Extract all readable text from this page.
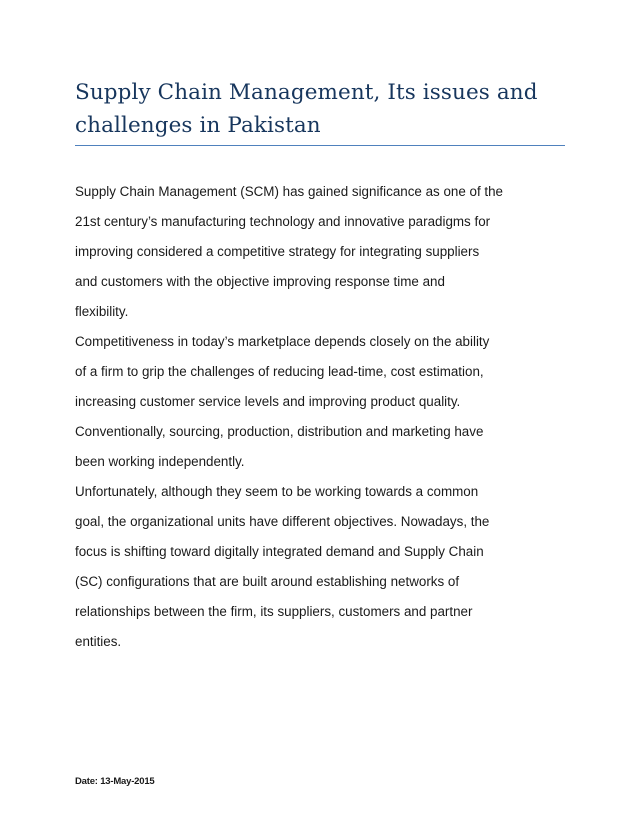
Supply Chain Management, Its issues and
challenges in Pakistan

Supply Chain Management (SCM) has gained significance as one of the
21st century’s manufacturing technology and innovative paradigms for
improving considered a competitive strategy for integrating suppliers
and customers with the objective improving response time and
flexibility.

Competitiveness in today’s marketplace depends closely on the ability
of a firm to grip the challenges of reducing lead-time, cost estimation,
increasing customer service levels and improving product quality.
Conventionally, sourcing, production, distribution and marketing have
been working independently.

Unfortunately, although they seem to be working towards a common
goal, the organizational units have different objectives. Nowadays, the
focus is shifting toward digitally integrated demand and Supply Chain
(SC) configurations that are built around establishing networks of
relationships between the firm, its suppliers, customers and partner
entities.

Date: 13-May-2015
